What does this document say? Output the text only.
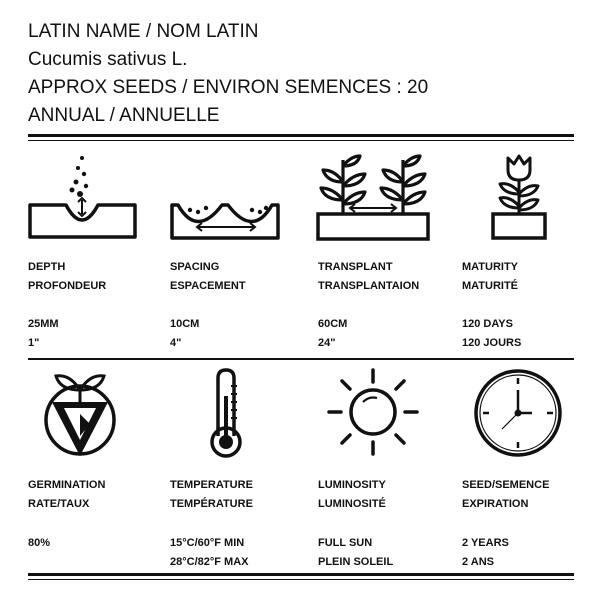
LATIN NAME / NOM LATIN
Cucumis sativus L.
APPROX SEEDS / ENVIRON SEMENCES : 20
ANNUAL / ANNUELLE
DEPTH
PROFONDEUR
25MM
1"
SPACING
ESPACEMENT
10CM
4"
TRANSPLANT
TRANSPLANTAION
60CM
24"
MATURITY
MATURITÉ
120 DAYS
120 JOURS
GERMINATION
RATE/TAUX
80%
TEMPERATURE
TEMPÉRATURE
15°C/60°F MIN
28°C/82°F MAX
LUMINOSITY
LUMINOSITÉ
FULL SUN
PLEIN SOLEIL
SEED/SEMENCE
EXPIRATION
2 YEARS
2 ANS
